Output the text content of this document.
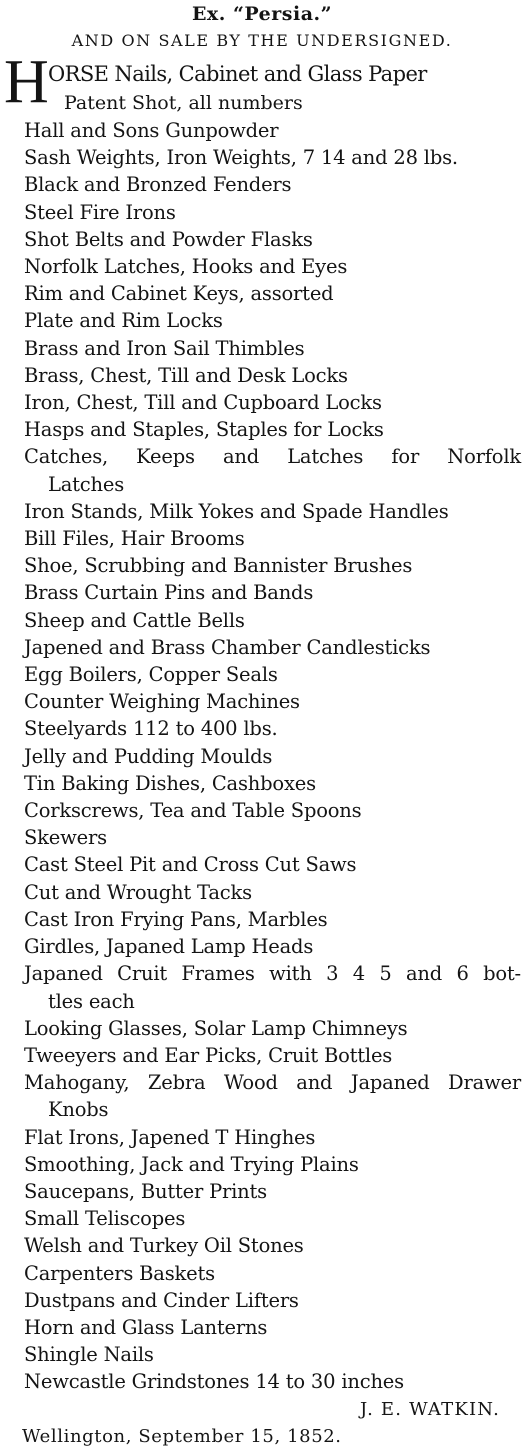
Ex. “Persia.”
AND ON SALE BY THE UNDERSIGNED.
H ORSE Nails, Cabinet and Glass Paper
Patent Shot, all numbers
Hall and Sons Gunpowder
Sash Weights, Iron Weights, 7 14 and 28 lbs.
Black and Bronzed Fenders
Steel Fire Irons
Shot Belts and Powder Flasks
Norfolk Latches, Hooks and Eyes
Rim and Cabinet Keys, assorted
Plate and Rim Locks
Brass and Iron Sail Thimbles
Brass, Chest, Till and Desk Locks
Iron, Chest, Till and Cupboard Locks
Hasps and Staples, Staples for Locks
Catches, Keeps and Latches for Norfolk
Latches
Iron Stands, Milk Yokes and Spade Handles
Bill Files, Hair Brooms
Shoe, Scrubbing and Bannister Brushes
Brass Curtain Pins and Bands
Sheep and Cattle Bells
Japened and Brass Chamber Candlesticks
Egg Boilers, Copper Seals
Counter Weighing Machines
Steelyards 112 to 400 lbs.
Jelly and Pudding Moulds
Tin Baking Dishes, Cashboxes
Corkscrews, Tea and Table Spoons
Skewers
Cast Steel Pit and Cross Cut Saws
Cut and Wrought Tacks
Cast Iron Frying Pans, Marbles
Girdles, Japaned Lamp Heads
Japaned Cruit Frames with 3 4 5 and 6 bot-
tles each
Looking Glasses, Solar Lamp Chimneys
Tweeyers and Ear Picks, Cruit Bottles
Mahogany, Zebra Wood and Japaned Drawer
Knobs
Flat Irons, Japened T Hinghes
Smoothing, Jack and Trying Plains
Saucepans, Butter Prints
Small Teliscopes
Welsh and Turkey Oil Stones
Carpenters Baskets
Dustpans and Cinder Lifters
Horn and Glass Lanterns
Shingle Nails
Newcastle Grindstones 14 to 30 inches
J. E. WATKIN.
Wellington, September 15, 1852.
